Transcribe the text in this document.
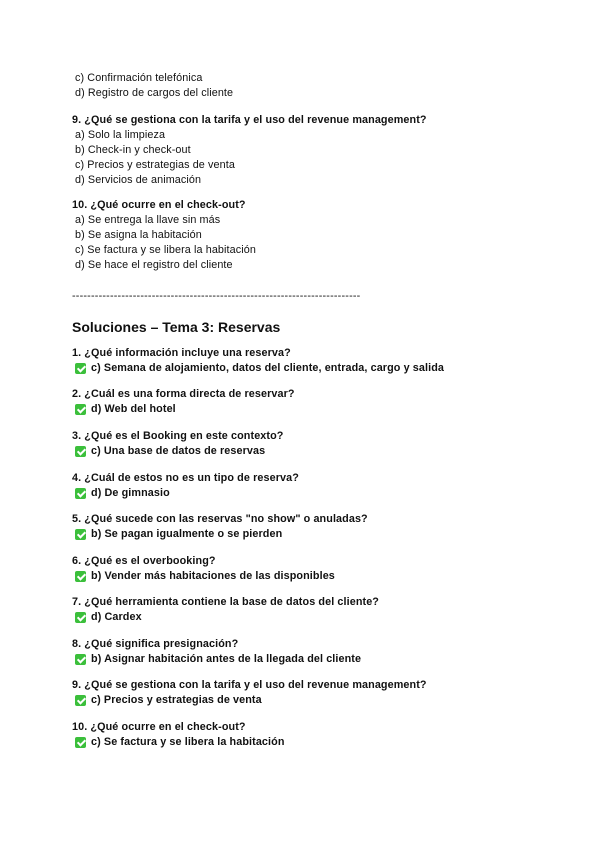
c) Confirmación telefónica
d) Registro de cargos del cliente
9. ¿Qué se gestiona con la tarifa y el uso del revenue management?
a) Solo la limpieza
b) Check-in y check-out
c) Precios y estrategias de venta
d) Servicios de animación
10. ¿Qué ocurre en el check-out?
a) Se entrega la llave sin más
b) Se asigna la habitación
c) Se factura y se libera la habitación
d) Se hace el registro del cliente
----------------------------------------------------------------------------
Soluciones – Tema 3: Reservas
1. ¿Qué información incluye una reserva?
c) Semana de alojamiento, datos del cliente, entrada, cargo y salida
2. ¿Cuál es una forma directa de reservar?
d) Web del hotel
3. ¿Qué es el Booking en este contexto?
c) Una base de datos de reservas
4. ¿Cuál de estos no es un tipo de reserva?
d) De gimnasio
5. ¿Qué sucede con las reservas "no show" o anuladas?
b) Se pagan igualmente o se pierden
6. ¿Qué es el overbooking?
b) Vender más habitaciones de las disponibles
7. ¿Qué herramienta contiene la base de datos del cliente?
d) Cardex
8. ¿Qué significa presignación?
b) Asignar habitación antes de la llegada del cliente
9. ¿Qué se gestiona con la tarifa y el uso del revenue management?
c) Precios y estrategias de venta
10. ¿Qué ocurre en el check-out?
c) Se factura y se libera la habitación
